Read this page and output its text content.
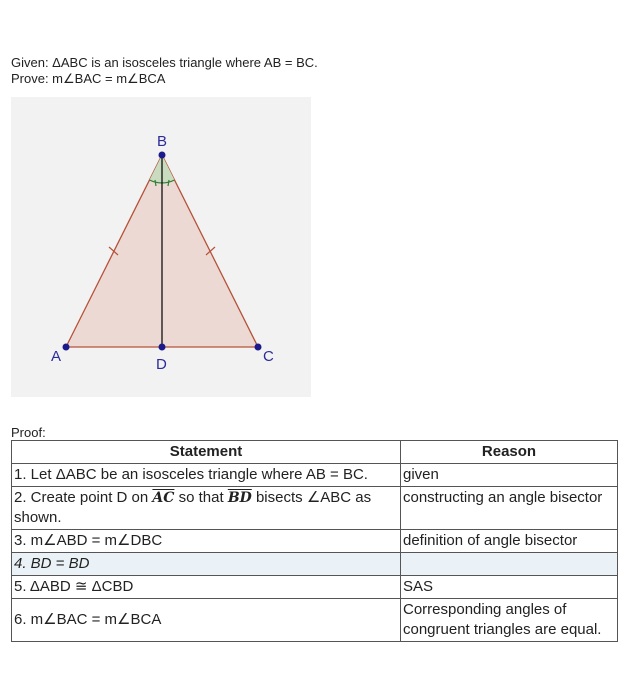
Given: ΔABC is an isosceles triangle where AB = BC.
Prove: m∠BAC = m∠BCA
B
A	C
D
Proof:
Statement	Reason
1. Let ΔABC be an isosceles triangle where AB = BC.	given
2. Create point D on $\overline{AC}$ so that $\overline{BD}$ bisects ∠ABC as shown.	constructing an angle bisector
3. m∠ABD = m∠DBC	definition of angle bisector
4. BD = BD	
5. ΔABD ≅ ΔCBD	SAS
6. m∠BAC = m∠BCA	Corresponding angles of congruent triangles are equal.
